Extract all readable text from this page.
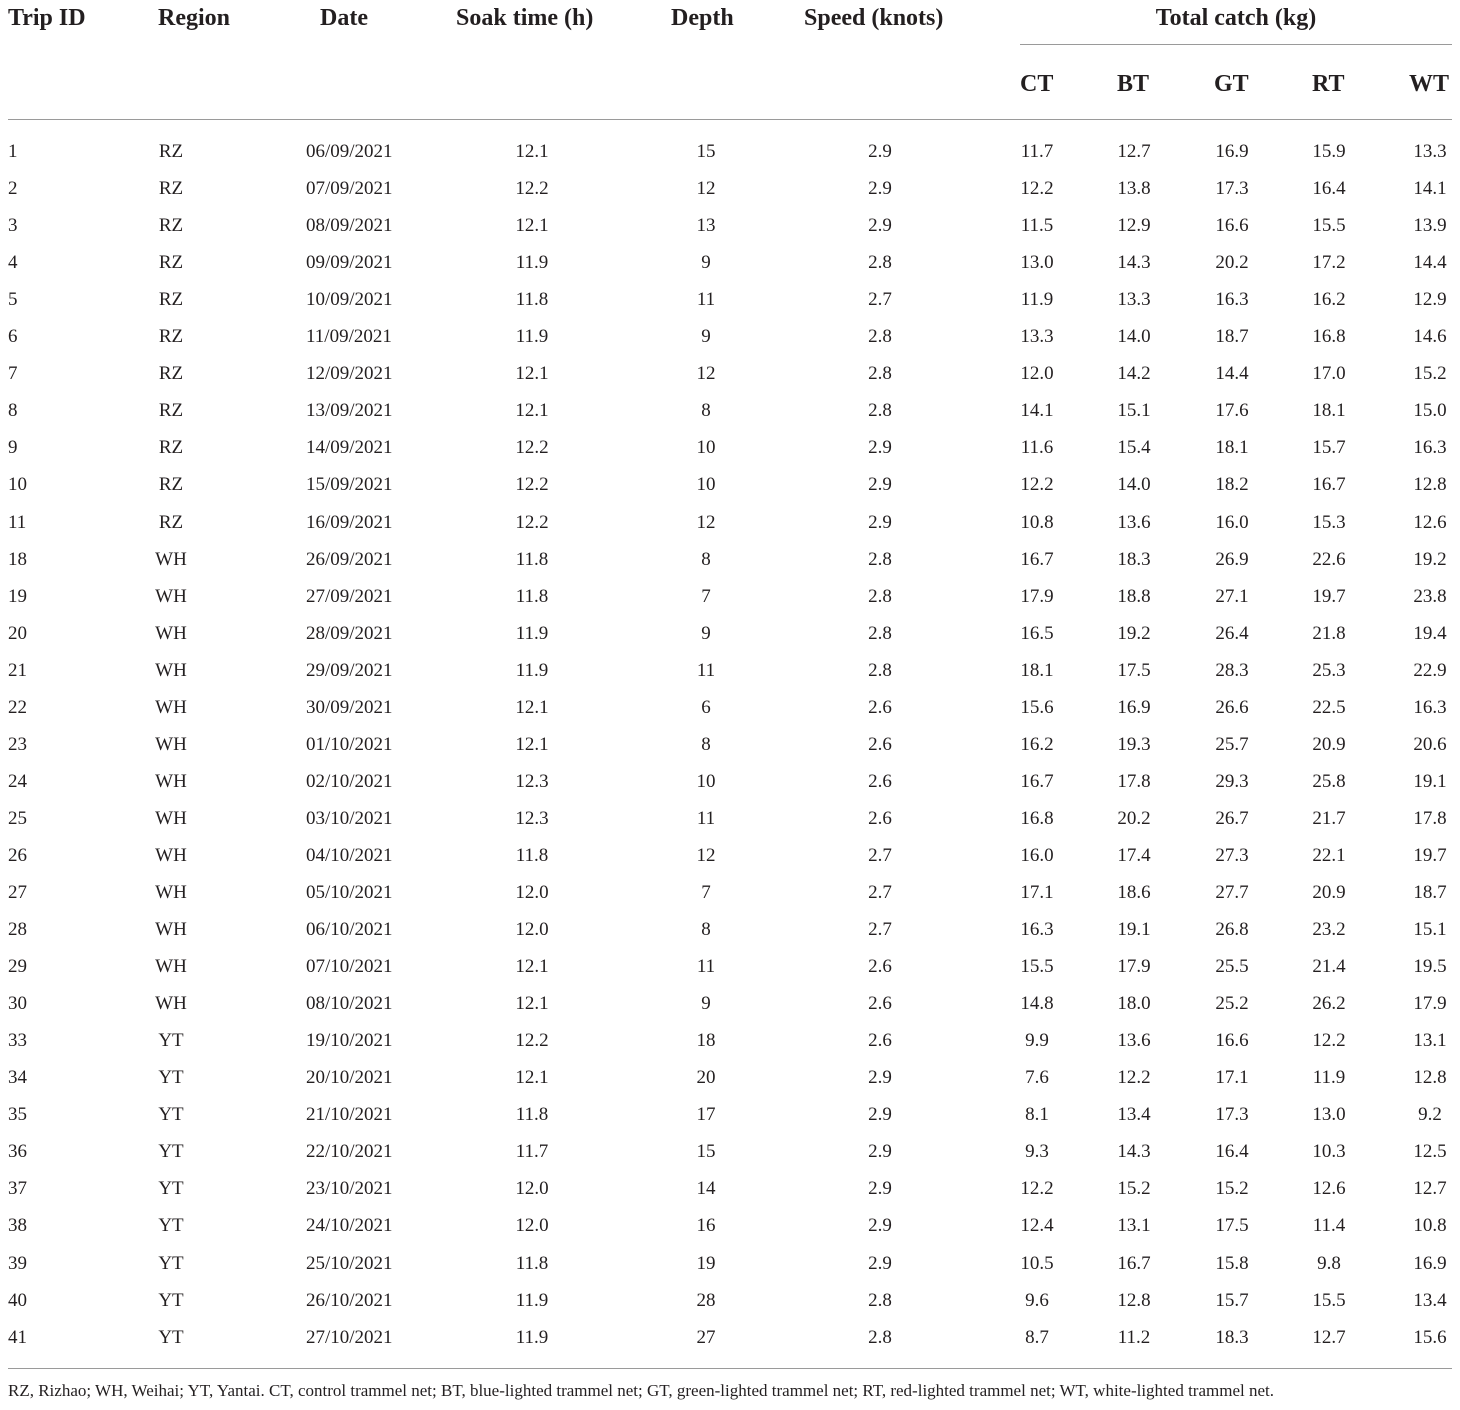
Trip ID	Region	Date	Soak time (h)	Depth	Speed (knots)	Total catch (kg)
CT	BT	GT	RT	WT
1	RZ	06/09/2021	12.1	15	2.9	11.7	12.7	16.9	15.9	13.3
2	RZ	07/09/2021	12.2	12	2.9	12.2	13.8	17.3	16.4	14.1
3	RZ	08/09/2021	12.1	13	2.9	11.5	12.9	16.6	15.5	13.9
4	RZ	09/09/2021	11.9	9	2.8	13.0	14.3	20.2	17.2	14.4
5	RZ	10/09/2021	11.8	11	2.7	11.9	13.3	16.3	16.2	12.9
6	RZ	11/09/2021	11.9	9	2.8	13.3	14.0	18.7	16.8	14.6
7	RZ	12/09/2021	12.1	12	2.8	12.0	14.2	14.4	17.0	15.2
8	RZ	13/09/2021	12.1	8	2.8	14.1	15.1	17.6	18.1	15.0
9	RZ	14/09/2021	12.2	10	2.9	11.6	15.4	18.1	15.7	16.3
10	RZ	15/09/2021	12.2	10	2.9	12.2	14.0	18.2	16.7	12.8
11	RZ	16/09/2021	12.2	12	2.9	10.8	13.6	16.0	15.3	12.6
18	WH	26/09/2021	11.8	8	2.8	16.7	18.3	26.9	22.6	19.2
19	WH	27/09/2021	11.8	7	2.8	17.9	18.8	27.1	19.7	23.8
20	WH	28/09/2021	11.9	9	2.8	16.5	19.2	26.4	21.8	19.4
21	WH	29/09/2021	11.9	11	2.8	18.1	17.5	28.3	25.3	22.9
22	WH	30/09/2021	12.1	6	2.6	15.6	16.9	26.6	22.5	16.3
23	WH	01/10/2021	12.1	8	2.6	16.2	19.3	25.7	20.9	20.6
24	WH	02/10/2021	12.3	10	2.6	16.7	17.8	29.3	25.8	19.1
25	WH	03/10/2021	12.3	11	2.6	16.8	20.2	26.7	21.7	17.8
26	WH	04/10/2021	11.8	12	2.7	16.0	17.4	27.3	22.1	19.7
27	WH	05/10/2021	12.0	7	2.7	17.1	18.6	27.7	20.9	18.7
28	WH	06/10/2021	12.0	8	2.7	16.3	19.1	26.8	23.2	15.1
29	WH	07/10/2021	12.1	11	2.6	15.5	17.9	25.5	21.4	19.5
30	WH	08/10/2021	12.1	9	2.6	14.8	18.0	25.2	26.2	17.9
33	YT	19/10/2021	12.2	18	2.6	9.9	13.6	16.6	12.2	13.1
34	YT	20/10/2021	12.1	20	2.9	7.6	12.2	17.1	11.9	12.8
35	YT	21/10/2021	11.8	17	2.9	8.1	13.4	17.3	13.0	9.2
36	YT	22/10/2021	11.7	15	2.9	9.3	14.3	16.4	10.3	12.5
37	YT	23/10/2021	12.0	14	2.9	12.2	15.2	15.2	12.6	12.7
38	YT	24/10/2021	12.0	16	2.9	12.4	13.1	17.5	11.4	10.8
39	YT	25/10/2021	11.8	19	2.9	10.5	16.7	15.8	9.8	16.9
40	YT	26/10/2021	11.9	28	2.8	9.6	12.8	15.7	15.5	13.4
41	YT	27/10/2021	11.9	27	2.8	8.7	11.2	18.3	12.7	15.6
RZ, Rizhao; WH, Weihai; YT, Yantai. CT, control trammel net; BT, blue-lighted trammel net; GT, green-lighted trammel net; RT, red-lighted trammel net; WT, white-lighted trammel net.
